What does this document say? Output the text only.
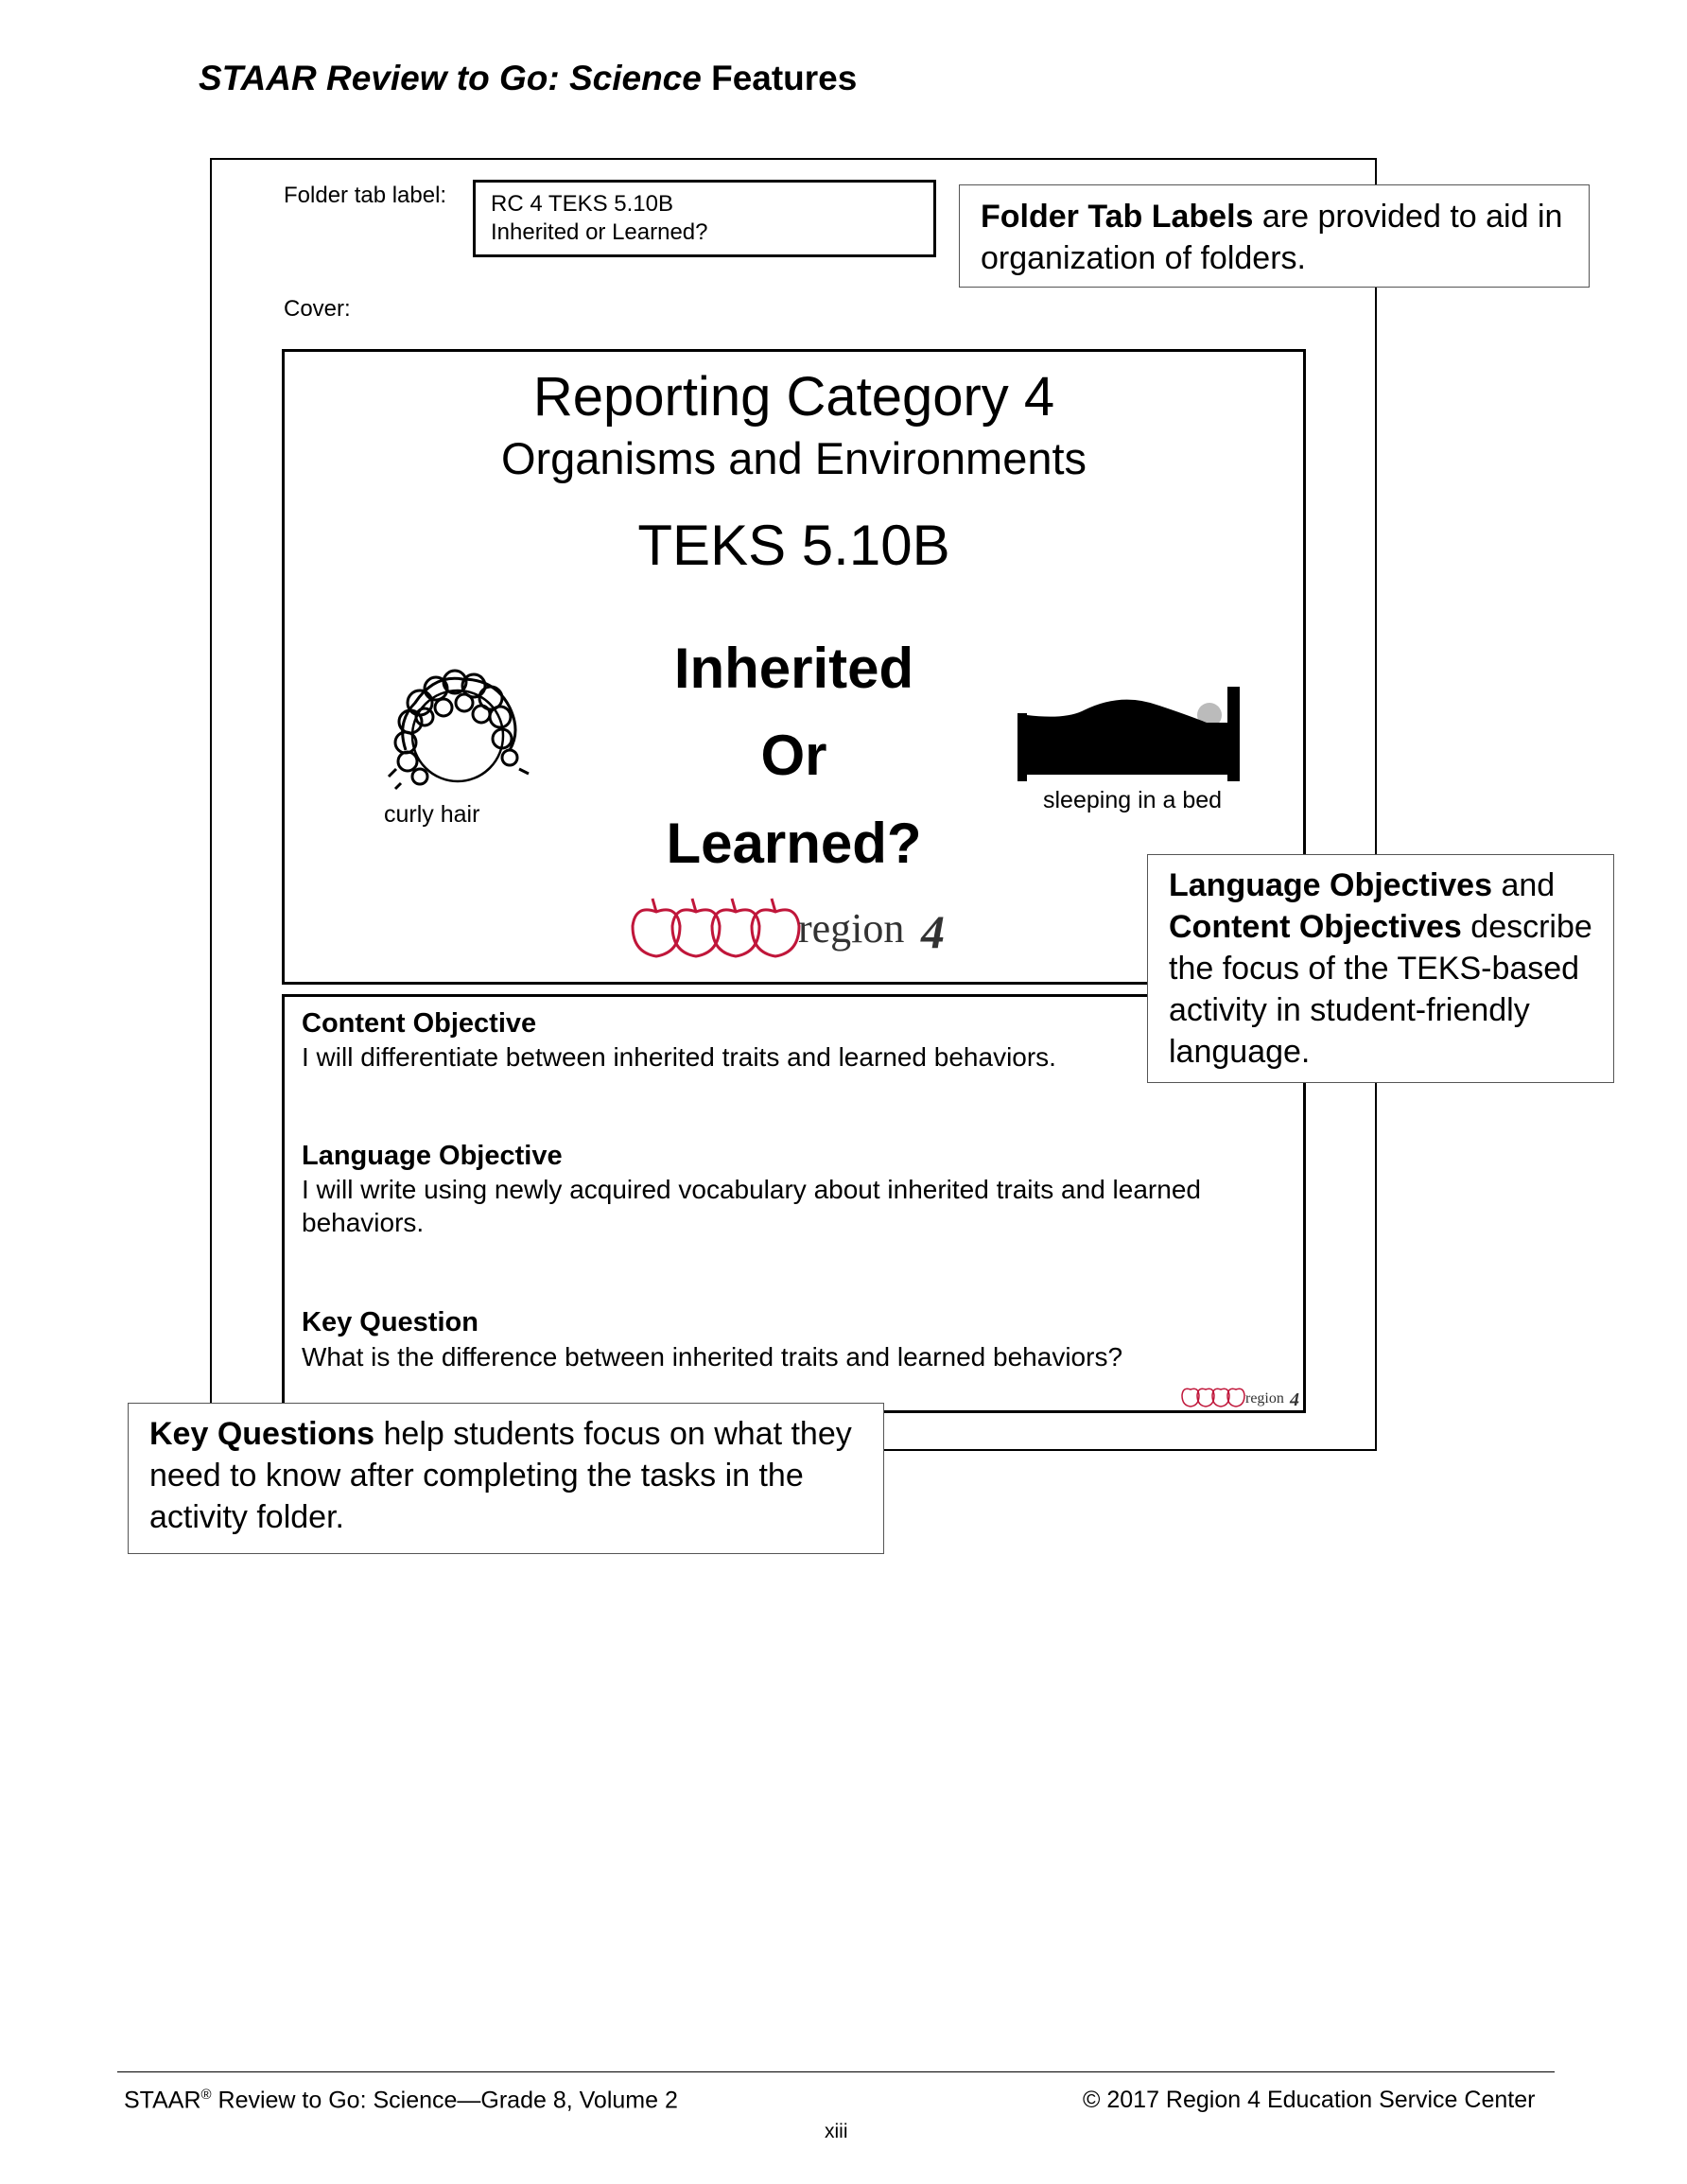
STAAR Review to Go: Science Features
Folder tab label: RC 4 TEKS 5.10B
Inherited or Learned?
Cover:
Reporting Category 4
Organisms and Environments
TEKS 5.10B
Inherited
Or
Learned?
curly hair
sleeping in a bed
region 4
Content Objective
I will differentiate between inherited traits and learned behaviors.
Language Objective
I will write using newly acquired vocabulary about inherited traits and learned behaviors.
Key Question
What is the difference between inherited traits and learned behaviors?
region 4
Folder Tab Labels are provided to aid in organization of folders.
Language Objectives and Content Objectives describe the focus of the TEKS-based activity in student-friendly language.
Key Questions help students focus on what they need to know after completing the tasks in the activity folder.
STAAR® Review to Go: Science—Grade 8, Volume 2	© 2017 Region 4 Education Service Center
xiii
